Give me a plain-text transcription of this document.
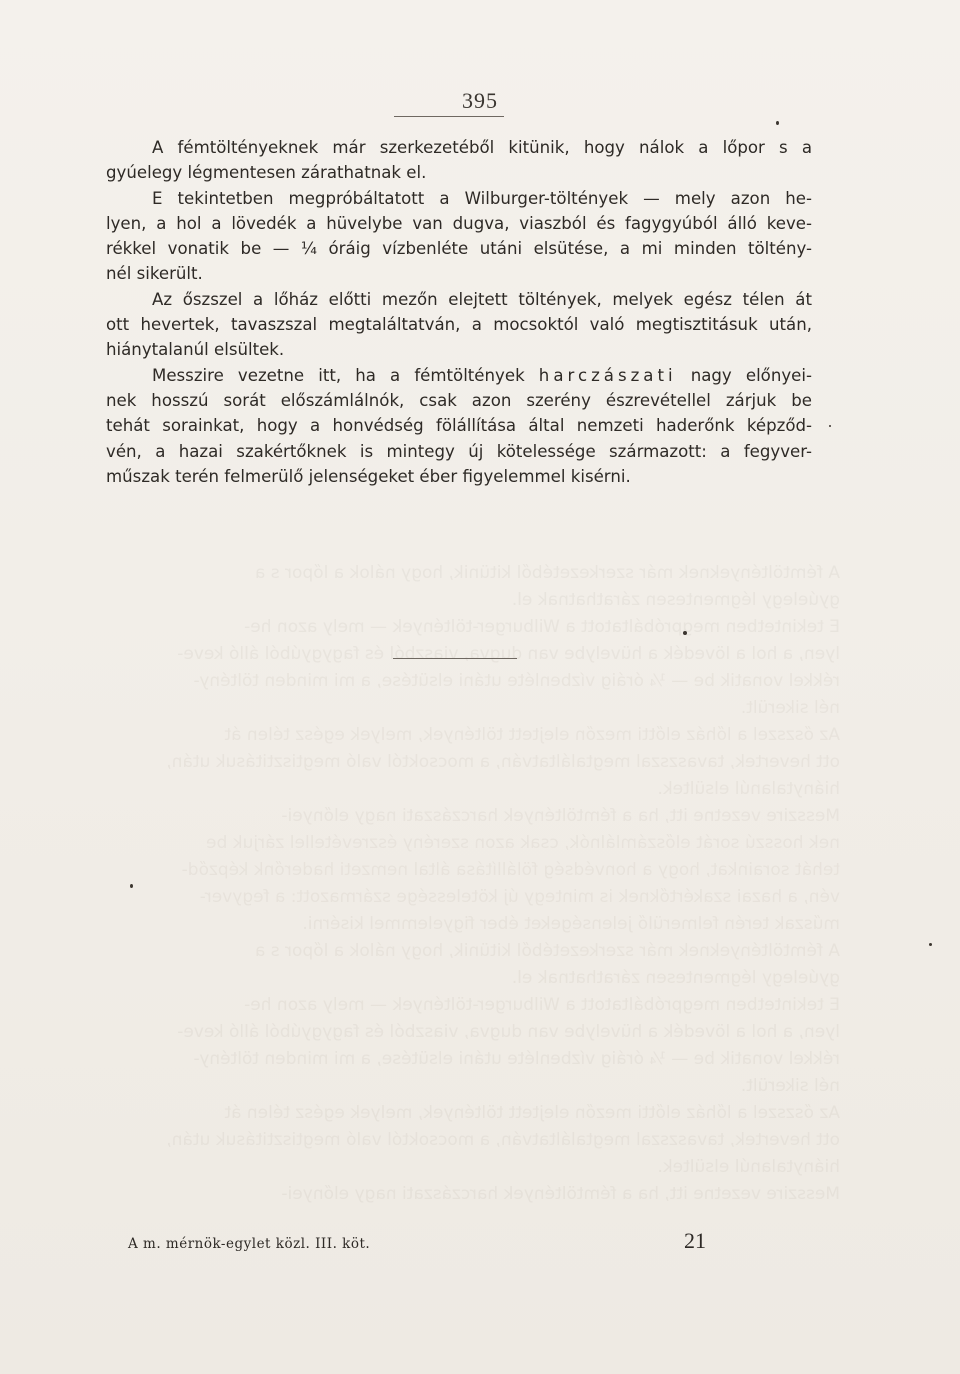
395
A fémtöltényeknek már szerkezetéből kitünik, hogy nálok a lőpor s a
gyúelegy légmentesen zárathatnak el.
E tekintetben megpróbáltatott a Wilburger-töltények — mely azon he-
lyen, a hol a lövedék a hüvelybe van dugva, viaszból és fagygyúból álló keve-
rékkel vonatik be — ¼ óráig vízbenléte utáni elsütése, a mi minden töltény-
nél sikerült.
Az őszszel a lőház előtti mezőn elejtett töltények, melyek egész télen át
ott hevertek, tavaszszal megtaláltatván, a mocsoktól való megtisztitásuk után,
hiánytalanúl elsültek.
Messzire vezetne itt, ha a fémtöltények harczászati nagy előnyei-
nek hosszú sorát előszámlálnók, csak azon szerény észrevétellel zárjuk be
tehát sorainkat, hogy a honvédség fölállítása által nemzeti haderőnk képződ-
vén, a hazai szakértőknek is mintegy új kötelessége származott: a fegyver-
műszak terén felmerülő jelenségeket éber figyelemmel kisérni.
A fémtöltényeknek már szerkezetéből kitünik, hogy nálok a lőpor s a
gyúelegy légmentesen zárathatnak el.
E tekintetben megpróbáltatott a Wilburger-töltények — mely azon he-
lyen, a hol a lövedék a hüvelybe van dugva, viaszból és fagygyúból álló keve-
rékkel vonatik be — ¼ óráig vízbenléte utáni elsütése, a mi minden töltény-
nél sikerült.
Az őszszel a lőház előtti mezőn elejtett töltények, melyek egész télen át
ott hevertek, tavaszszal megtaláltatván, a mocsoktól való megtisztitásuk után,
hiánytalanúl elsültek.
Messzire vezetne itt, ha a fémtöltények harczászati nagy előnyei-
nek hosszú sorát előszámlálnók, csak azon szerény észrevétellel zárjuk be
tehát sorainkat, hogy a honvédség fölállítása által nemzeti haderőnk képződ-
vén, a hazai szakértőknek is mintegy új kötelessége származott: a fegyver-
műszak terén felmerülő jelenségeket éber figyelemmel kisérni.
A fémtöltényeknek már szerkezetéből kitünik, hogy nálok a lőpor s a
gyúelegy légmentesen zárathatnak el.
E tekintetben megpróbáltatott a Wilburger-töltények — mely azon he-
lyen, a hol a lövedék a hüvelybe van dugva, viaszból és fagygyúból álló keve-
rékkel vonatik be — ¼ óráig vízbenléte utáni elsütése, a mi minden töltény-
nél sikerült.
Az őszszel a lőház előtti mezőn elejtett töltények, melyek egész télen át
ott hevertek, tavaszszal megtaláltatván, a mocsoktól való megtisztitásuk után,
hiánytalanúl elsültek.
Messzire vezetne itt, ha a fémtöltények harczászati nagy előnyei-
A m. mérnök-egylet közl. III. köt.	21
